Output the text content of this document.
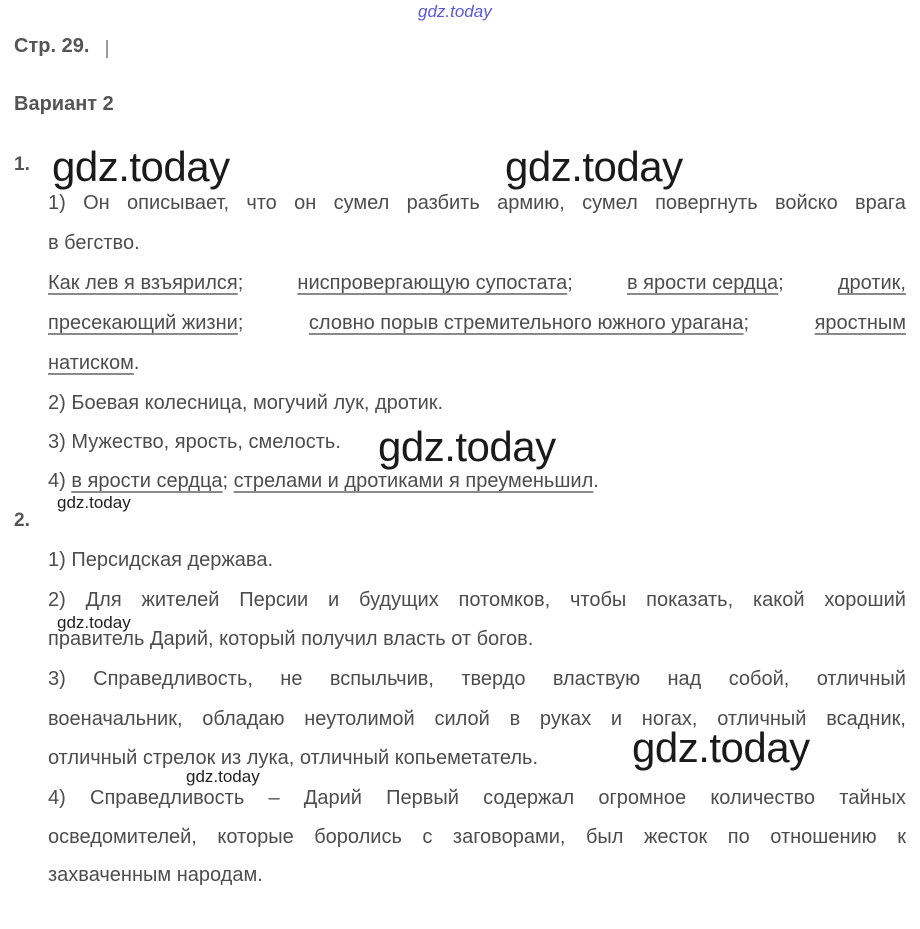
gdz.today
Стр. 29.
Вариант 2
1.
1) Он описывает, что он сумел разбить армию, сумел повергнуть войско врага
в бегство.
Как лев я взъярился;	ниспровергающую супостата;	в ярости сердца;	дротик,
пресекающий жизни;	словно порыв стремительного южного урагана;	яростным
натиском.
2) Боевая колесница, могучий лук, дротик.
3) Мужество, ярость, смелость.
4) в ярости сердца; стрелами и дротиками я преуменьшил.
2.
1) Персидская держава.
2) Для жителей Персии и будущих потомков, чтобы показать, какой хороший
правитель Дарий, который получил власть от богов.
3) Справедливость, не вспыльчив, твердо властвую над собой, отличный
военачальник, обладаю неутолимой силой в руках и ногах, отличный всадник,
отличный стрелок из лука, отличный копьеметатель.
4) Справедливость – Дарий Первый содержал огромное количество тайных
осведомителей, которые боролись с заговорами, был жесток по отношению к
захваченным народам.
gdz.today	gdz.today
gdz.today
gdz.today
gdz.today
gdz.today
gdz.today
